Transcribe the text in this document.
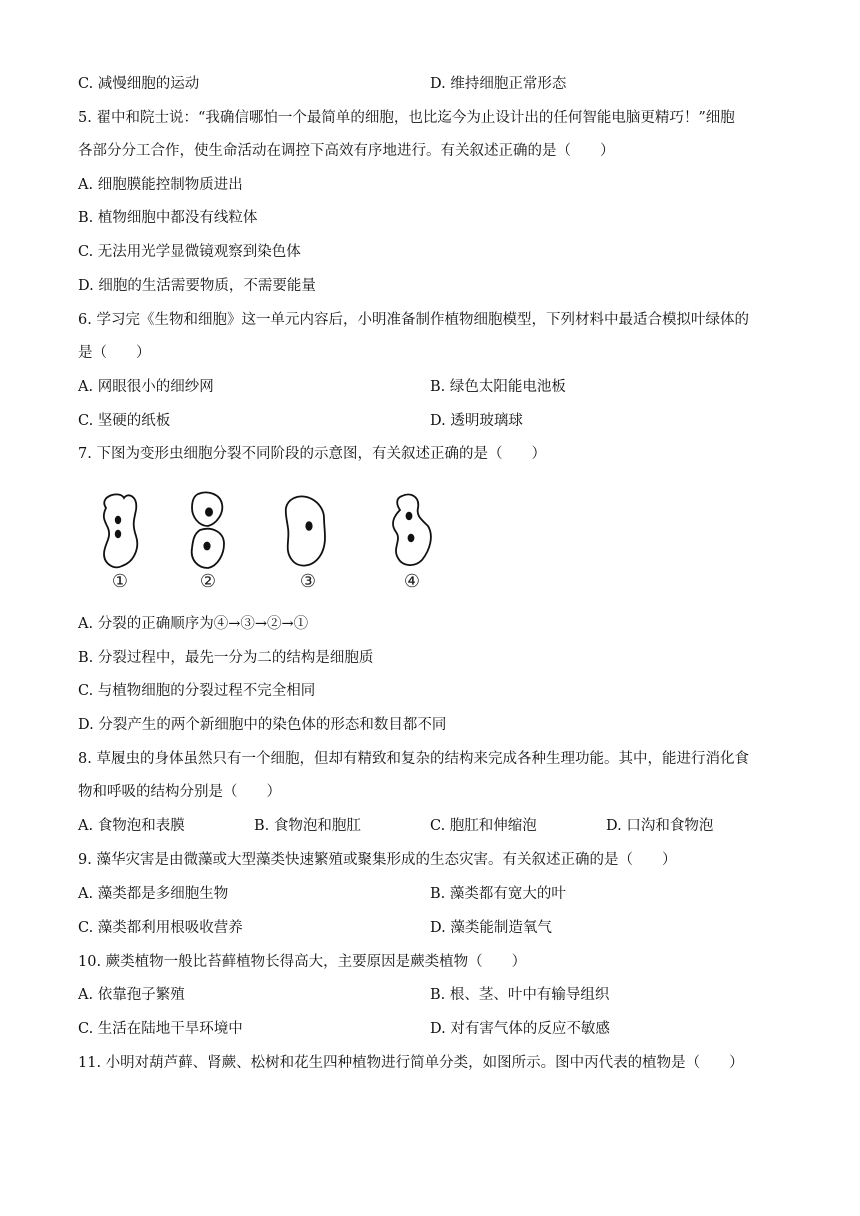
C. 减慢细胞的运动	D. 维持细胞正常形态
5. 翟中和院士说：“我确信哪怕一个最简单的细胞，也比迄今为止设计出的任何智能电脑更精巧！”细胞
各部分分工合作，使生命活动在调控下高效有序地进行。有关叙述正确的是（　　）
A. 细胞膜能控制物质进出
B. 植物细胞中都没有线粒体
C. 无法用光学显微镜观察到染色体
D. 细胞的生活需要物质，不需要能量
6. 学习完《生物和细胞》这一单元内容后，小明准备制作植物细胞模型，下列材料中最适合模拟叶绿体的
是（　　）
A. 网眼很小的细纱网	B. 绿色太阳能电池板
C. 坚硬的纸板	D. 透明玻璃球
7. 下图为变形虫细胞分裂不同阶段的示意图，有关叙述正确的是（　　）
①	②	③	④
A. 分裂的正确顺序为④→③→②→①
B. 分裂过程中，最先一分为二的结构是细胞质
C. 与植物细胞的分裂过程不完全相同
D. 分裂产生的两个新细胞中的染色体的形态和数目都不同
8. 草履虫的身体虽然只有一个细胞，但却有精致和复杂的结构来完成各种生理功能。其中，能进行消化食
物和呼吸的结构分别是（　　）
A. 食物泡和表膜	B. 食物泡和胞肛	C. 胞肛和伸缩泡	D. 口沟和食物泡
9. 藻华灾害是由微藻或大型藻类快速繁殖或聚集形成的生态灾害。有关叙述正确的是（　　）
A. 藻类都是多细胞生物	B. 藻类都有宽大的叶
C. 藻类都利用根吸收营养	D. 藻类能制造氧气
10. 蕨类植物一般比苔藓植物长得高大，主要原因是蕨类植物（　　）
A. 依靠孢子繁殖	B. 根、茎、叶中有输导组织
C. 生活在陆地干旱环境中	D. 对有害气体的反应不敏感
11. 小明对葫芦藓、肾蕨、松树和花生四种植物进行简单分类，如图所示。图中丙代表的植物是（　　）
